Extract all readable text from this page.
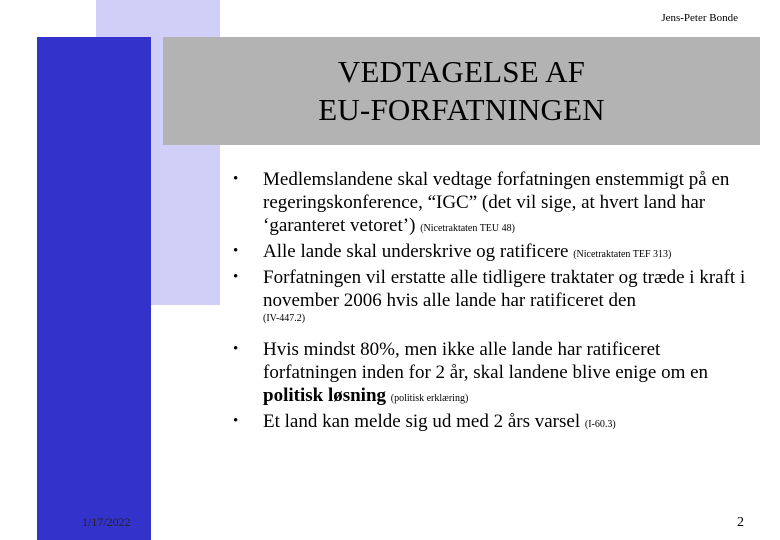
Jens-Peter Bonde
VEDTAGELSE AF
EU-FORFATNINGEN
• Medlemslandene skal vedtage forfatningen enstemmigt på en regeringskonference, “IGC” (det vil sige, at hvert land har ‘garanteret vetoret’) (Nicetraktaten TEU 48)
• Alle lande skal underskrive og ratificere (Nicetraktaten TEF 313)
• Forfatningen vil erstatte alle tidligere traktater og træde i kraft i november 2006 hvis alle lande har ratificeret den
(IV-447.2)
• Hvis mindst 80%, men ikke alle lande har ratificeret forfatningen inden for 2 år, skal landene blive enige om en politisk løsning (politisk erklæring)
• Et land kan melde sig ud med 2 års varsel (I-60.3)
1/17/2022	2
